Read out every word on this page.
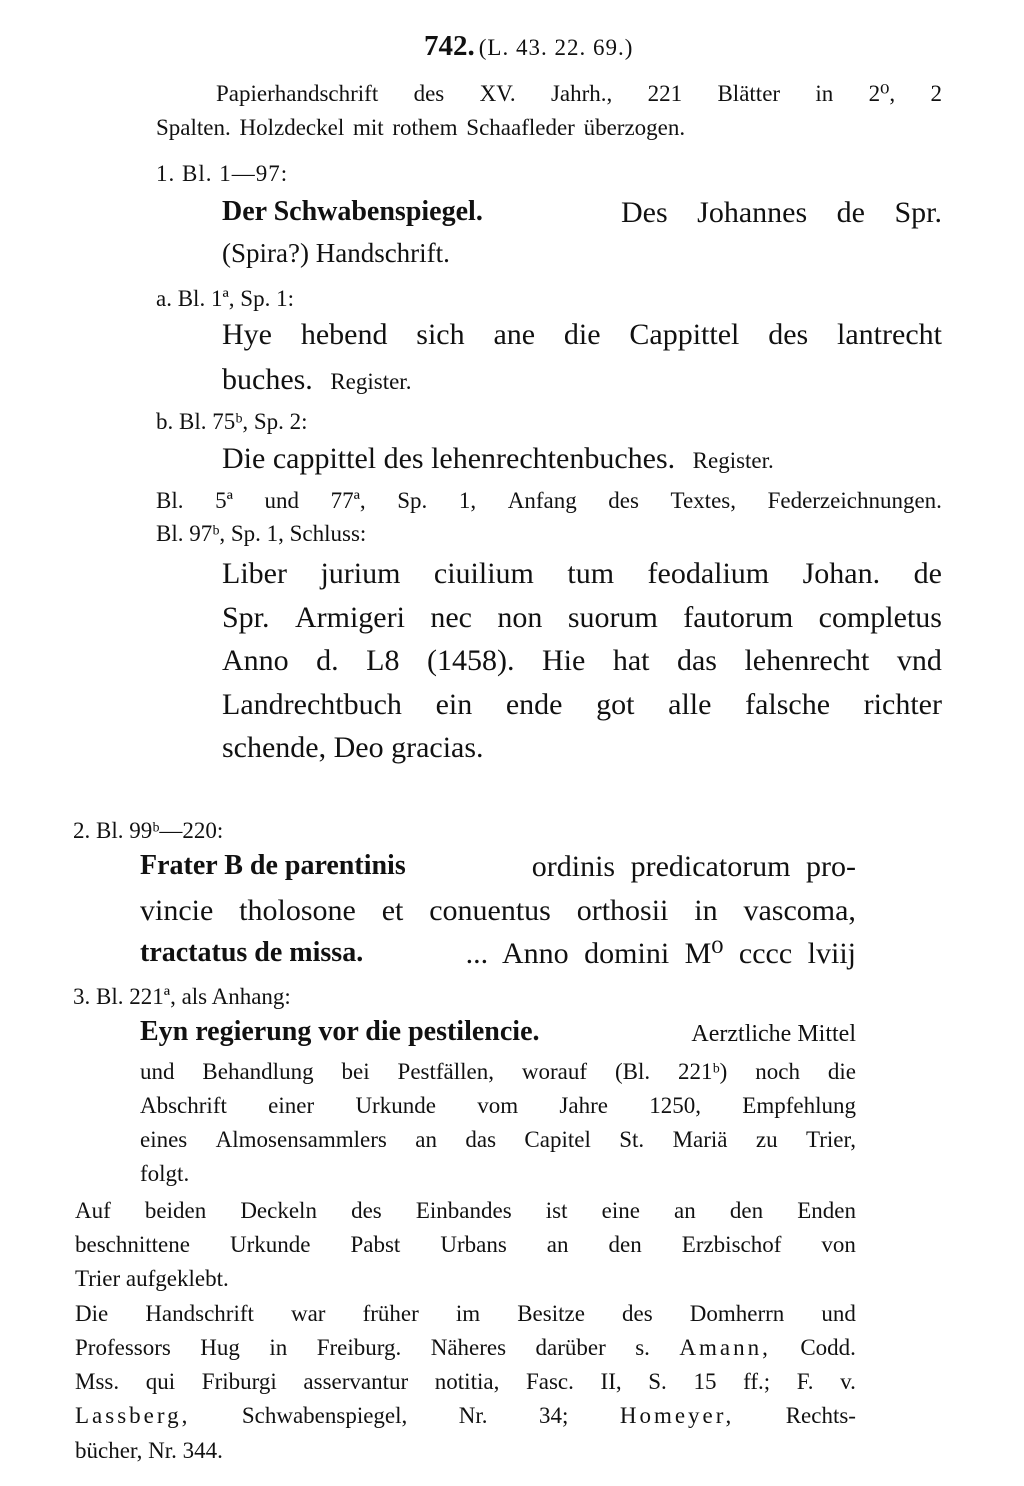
742. (L. 43. 22. 69.)
Papierhandschrift des XV. Jahrh., 221 Blätter in 2⁰, 2
Spalten. Holzdeckel mit rothem Schaafleder überzogen.
1. Bl. 1—97:
Der Schwabenspiegel.	Des Johannes de Spr.
(Spira?) Handschrift.
a. Bl. 1ª, Sp. 1:
Hye hebend sich ane die Cappittel des lantrecht
buches. Register.
b. Bl. 75ᵇ, Sp. 2:
Die cappittel des lehenrechtenbuches. Register.
Bl. 5ª und 77ª, Sp. 1, Anfang des Textes, Federzeichnungen.
Bl. 97ᵇ, Sp. 1, Schluss:
Liber jurium ciuilium tum feodalium Johan. de
Spr. Armigeri nec non suorum fautorum completus
Anno d. L8 (1458). Hie hat das lehenrecht vnd
Landrechtbuch ein ende got alle falsche richter
schende, Deo gracias.
2. Bl. 99ᵇ—220:
Frater B de parentinis	ordinis predicatorum pro-
vincie tholosone et conuentus orthosii in vascoma,
tractatus de missa.	... Anno domini M⁰ cccc lviij
3. Bl. 221ª, als Anhang:
Eyn regierung vor die pestilencie.	Aerztliche Mittel
und Behandlung bei Pestfällen, worauf (Bl. 221ᵇ) noch die
Abschrift einer Urkunde vom Jahre 1250, Empfehlung
eines Almosensammlers an das Capitel St. Mariä zu Trier,
folgt.
Auf beiden Deckeln des Einbandes ist eine an den Enden
beschnittene Urkunde Pabst Urbans an den Erzbischof von
Trier aufgeklebt.
Die Handschrift war früher im Besitze des Domherrn und
Professors Hug in Freiburg. Näheres darüber s. Amann, Codd.
Mss. qui Friburgi asservantur notitia, Fasc. II, S. 15 ff.; F. v.
Lassberg, Schwabenspiegel, Nr. 34; Homeyer, Rechts-
bücher, Nr. 344.
